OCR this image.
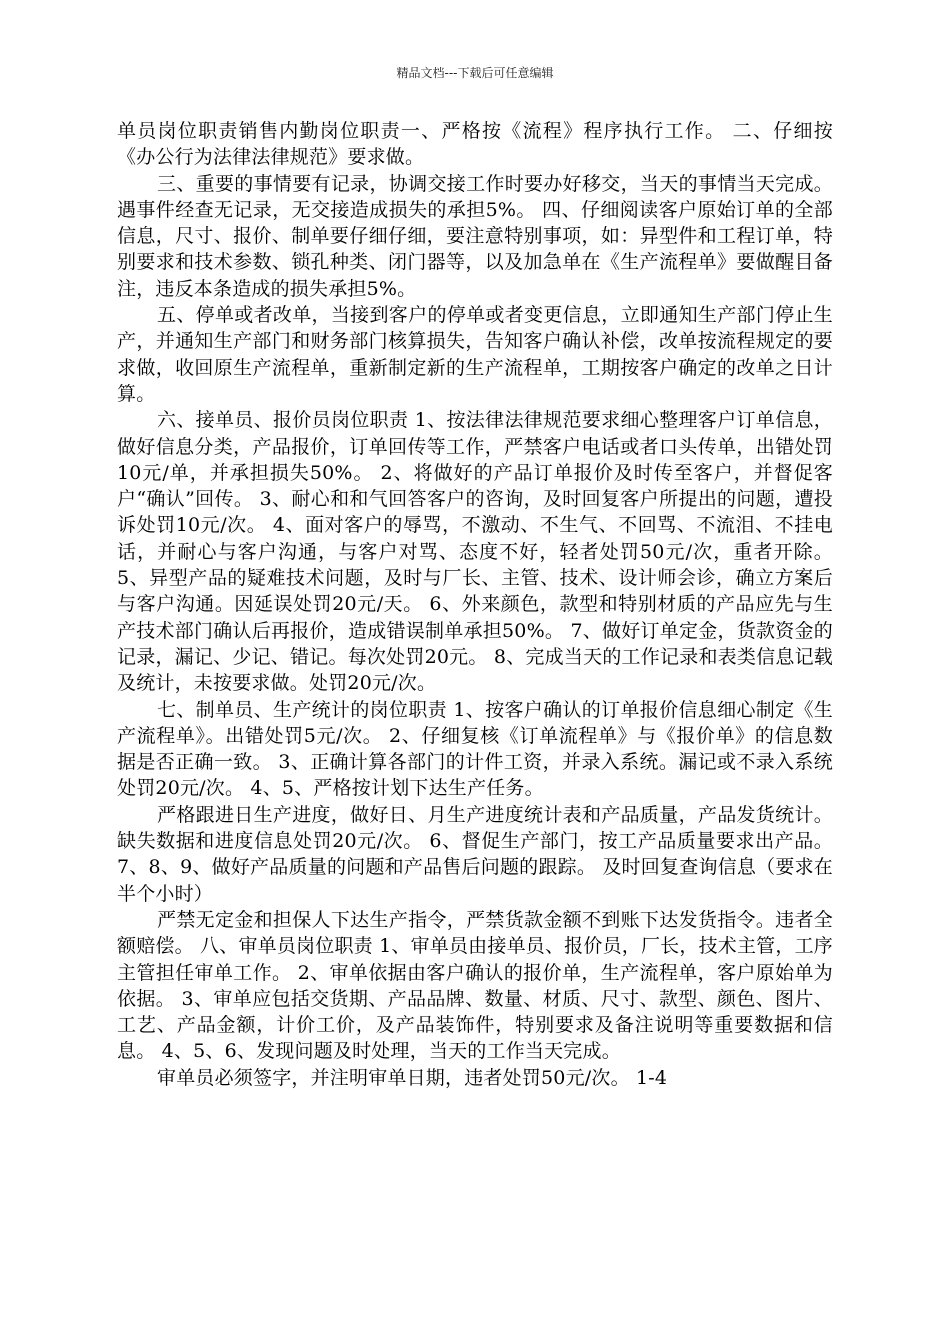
精品文档---下载后可任意编辑

单员岗位职责销售内勤岗位职责一、严格按《流程》程序执行工作。 二、仔细按《办公行为法律法律规范》要求做。

三、重要的事情要有记录，协调交接工作时要办好移交，当天的事情当天完成。遇事件经查无记录，无交接造成损失的承担5%。 四、仔细阅读客户原始订单的全部信息，尺寸、报价、制单要仔细仔细，要注意特别事项，如：异型件和工程订单，特别要求和技术参数、锁孔种类、闭门器等，以及加急单在《生产流程单》要做醒目备注，违反本条造成的损失承担5%。

五、停单或者改单，当接到客户的停单或者变更信息，立即通知生产部门停止生产，并通知生产部门和财务部门核算损失，告知客户确认补偿，改单按流程规定的要求做，收回原生产流程单，重新制定新的生产流程单，工期按客户确定的改单之日计算。

六、接单员、报价员岗位职责 1、按法律法律规范要求细心整理客户订单信息，做好信息分类，产品报价，订单回传等工作，严禁客户电话或者口头传单，出错处罚10元/单，并承担损失50%。 2、将做好的产品订单报价及时传至客户，并督促客户“确认”回传。 3、耐心和和气回答客户的咨询，及时回复客户所提出的问题，遭投诉处罚10元/次。 4、面对客户的辱骂，不激动、不生气、不回骂、不流泪、不挂电话，并耐心与客户沟通，与客户对骂、态度不好，轻者处罚50元/次，重者开除。 5、异型产品的疑难技术问题，及时与厂长、主管、技术、设计师会诊，确立方案后与客户沟通。因延误处罚20元/天。 6、外来颜色，款型和特别材质的产品应先与生产技术部门确认后再报价，造成错误制单承担50%。 7、做好订单定金，货款资金的记录，漏记、少记、错记。每次处罚20元。 8、完成当天的工作记录和表类信息记载及统计，未按要求做。处罚20元/次。

七、制单员、生产统计的岗位职责 1、按客户确认的订单报价信息细心制定《生产流程单》。出错处罚5元/次。 2、仔细复核《订单流程单》与《报价单》的信息数据是否正确一致。 3、正确计算各部门的计件工资，并录入系统。漏记或不录入系统处罚20元/次。 4、5、严格按计划下达生产任务。

严格跟进日生产进度，做好日、月生产进度统计表和产品质量，产品发货统计。缺失数据和进度信息处罚20元/次。 6、督促生产部门，按工产品质量要求出产品。 7、8、9、做好产品质量的问题和产品售后问题的跟踪。 及时回复查询信息（要求在半个小时）

严禁无定金和担保人下达生产指令，严禁货款金额不到账下达发货指令。违者全额赔偿。 八、审单员岗位职责 1、审单员由接单员、报价员，厂长，技术主管，工序主管担任审单工作。 2、审单依据由客户确认的报价单，生产流程单，客户原始单为依据。 3、审单应包括交货期、产品品牌、数量、材质、尺寸、款型、颜色、图片、工艺、产品金额，计价工价，及产品装饰件，特别要求及备注说明等重要数据和信息。 4、5、6、发现问题及时处理，当天的工作当天完成。

审单员必须签字，并注明审单日期，违者处罚50元/次。 1-4
